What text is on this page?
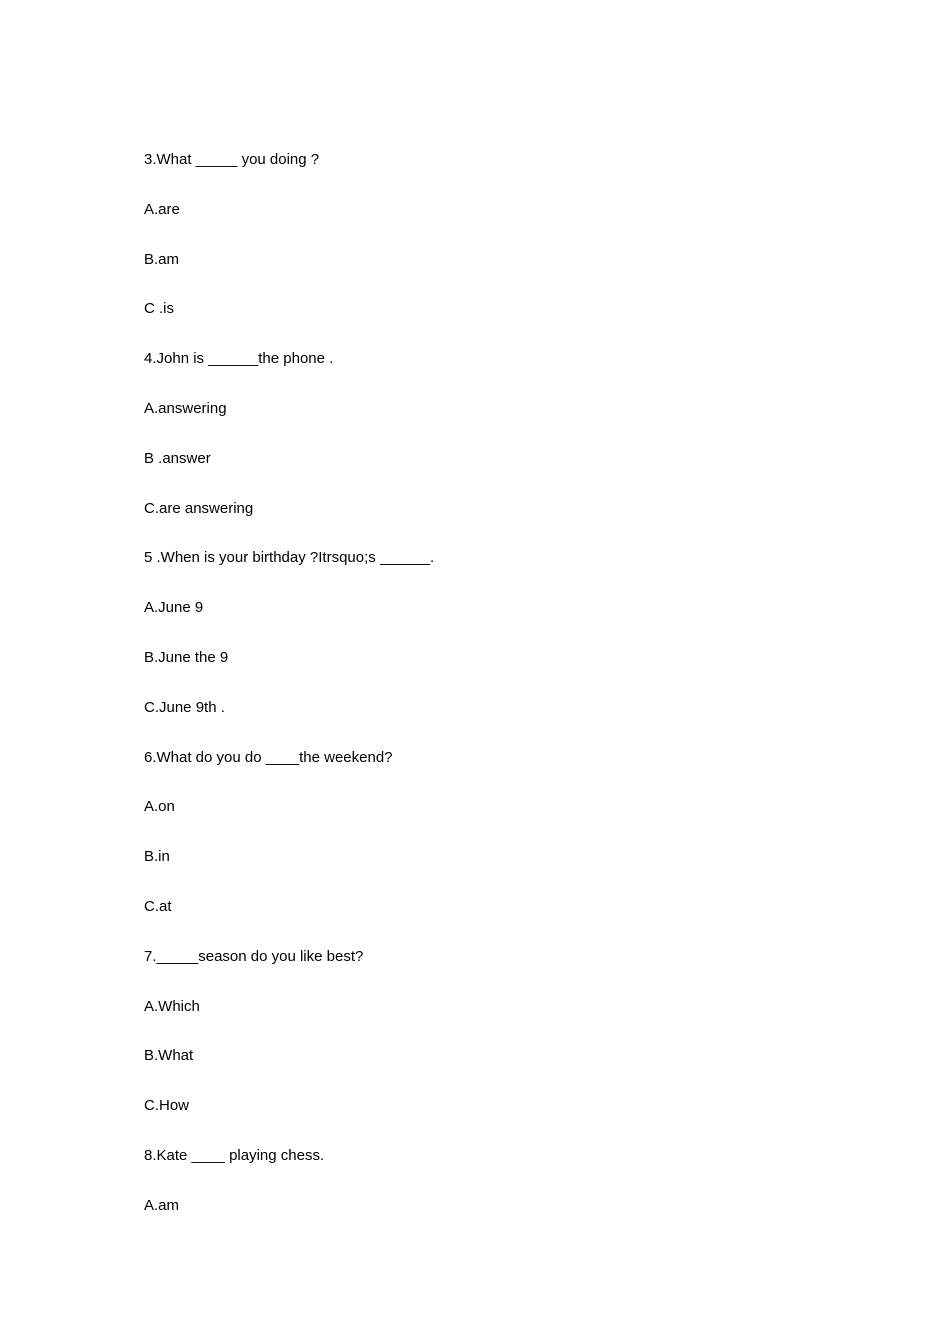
3.What _____ you doing ?

A.are

B.am

C .is

4.John is ______the phone .

A.answering

B .answer

C.are answering

5 .When is your birthday ?Itrsquo;s ______.

A.June 9

B.June the 9

C.June 9th .

6.What do you do ____the weekend?

A.on

B.in

C.at

7._____season do you like best?

A.Which

B.What

C.How

8.Kate ____ playing chess.

A.am
